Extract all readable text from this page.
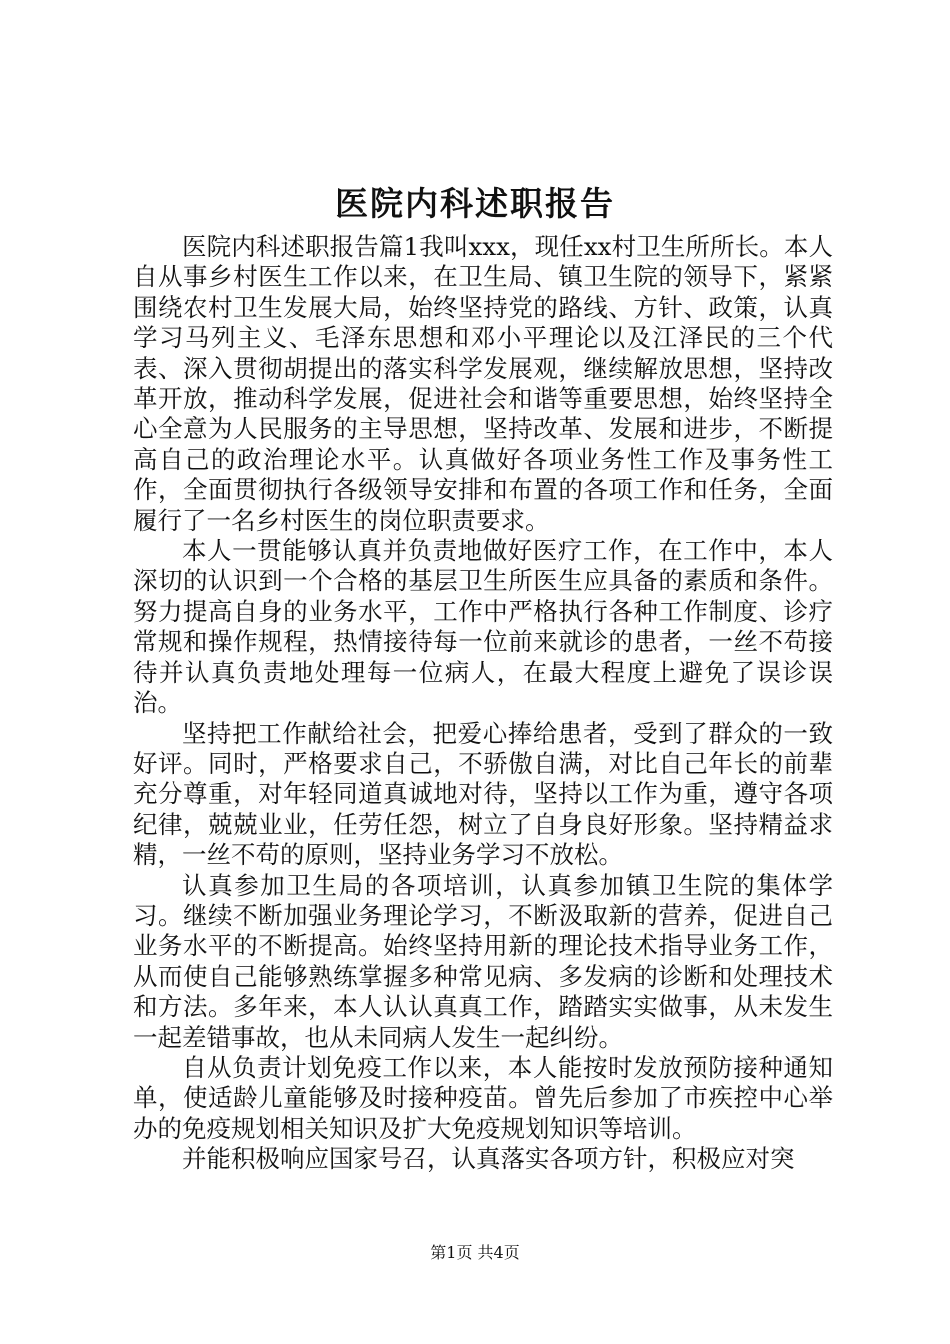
医院内科述职报告

医院内科述职报告篇1我叫xxx，现任xx村卫生所所长。本人自从事乡村医生工作以来，在卫生局、镇卫生院的领导下，紧紧围绕农村卫生发展大局，始终坚持党的路线、方针、政策，认真学习马列主义、毛泽东思想和邓小平理论以及江泽民的三个代表、深入贯彻胡提出的落实科学发展观，继续解放思想，坚持改革开放，推动科学发展，促进社会和谐等重要思想，始终坚持全心全意为人民服务的主导思想，坚持改革、发展和进步，不断提高自己的政治理论水平。认真做好各项业务性工作及事务性工作，全面贯彻执行各级领导安排和布置的各项工作和任务，全面履行了一名乡村医生的岗位职责要求。

本人一贯能够认真并负责地做好医疗工作，在工作中，本人深切的认识到一个合格的基层卫生所医生应具备的素质和条件。努力提高自身的业务水平，工作中严格执行各种工作制度、诊疗常规和操作规程，热情接待每一位前来就诊的患者，一丝不苟接待并认真负责地处理每一位病人，在最大程度上避免了误诊误治。

坚持把工作献给社会，把爱心捧给患者，受到了群众的一致好评。同时，严格要求自己，不骄傲自满，对比自己年长的前辈充分尊重，对年轻同道真诚地对待，坚持以工作为重，遵守各项纪律，兢兢业业，任劳任怨，树立了自身良好形象。坚持精益求精，一丝不苟的原则，坚持业务学习不放松。

认真参加卫生局的各项培训，认真参加镇卫生院的集体学习。继续不断加强业务理论学习，不断汲取新的营养，促进自己业务水平的不断提高。始终坚持用新的理论技术指导业务工作，从而使自己能够熟练掌握多种常见病、多发病的诊断和处理技术和方法。多年来，本人认认真真工作，踏踏实实做事，从未发生一起差错事故，也从未同病人发生一起纠纷。

自从负责计划免疫工作以来，本人能按时发放预防接种通知单，使适龄儿童能够及时接种疫苗。曾先后参加了市疾控中心举办的免疫规划相关知识及扩大免疫规划知识等培训。

并能积极响应国家号召，认真落实各项方针，积极应对突

第1页 共4页
